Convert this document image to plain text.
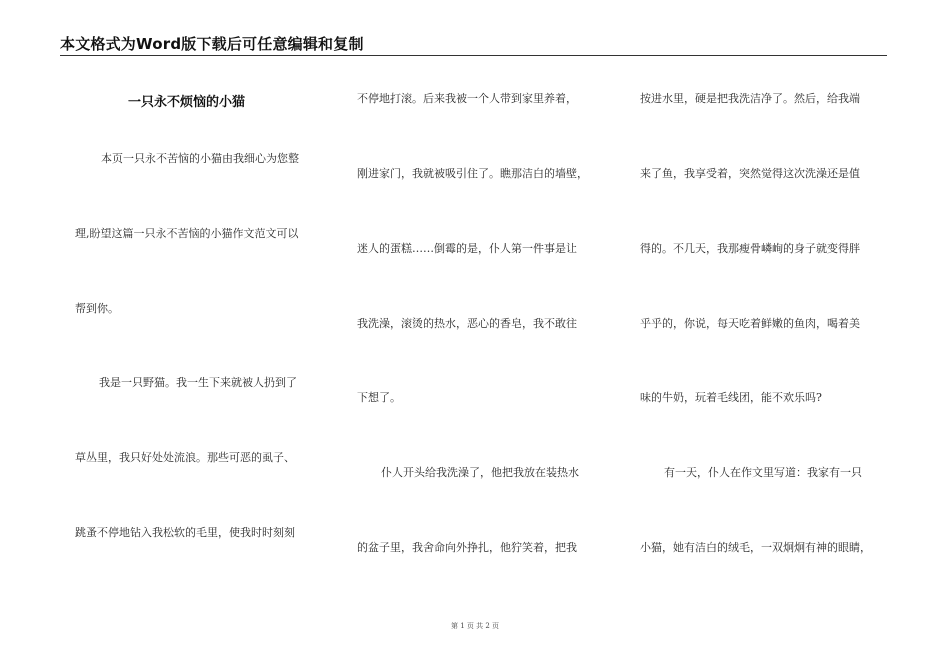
本文格式为Word版下载后可任意编辑和复制
一只永不烦恼的小猫
本页一只永不苦恼的小猫由我细心为您整
理,盼望这篇一只永不苦恼的小猫作文范文可以
帮到你。
我是一只野猫。我一生下来就被人扔到了
草丛里，我只好处处流浪。那些可恶的虱子、
跳蚤不停地钻入我松软的毛里，使我时时刻刻
不停地打滚。后来我被一个人带到家里养着，
刚进家门，我就被吸引住了。瞧那洁白的墙壁，
迷人的蛋糕……倒霉的是，仆人第一件事是让
我洗澡，滚烫的热水，恶心的香皂，我不敢往
下想了。
仆人开头给我洗澡了，他把我放在装热水
的盆子里，我舍命向外挣扎，他狞笑着，把我
按进水里，硬是把我洗洁净了。然后，给我端
来了鱼，我享受着，突然觉得这次洗澡还是值
得的。不几天，我那瘦骨嶙峋的身子就变得胖
乎乎的，你说，每天吃着鲜嫩的鱼肉，喝着美
味的牛奶，玩着毛线团，能不欢乐吗?
有一天，仆人在作文里写道：我家有一只
小猫，她有洁白的绒毛，一双炯炯有神的眼睛，
第 1 页 共 2 页
